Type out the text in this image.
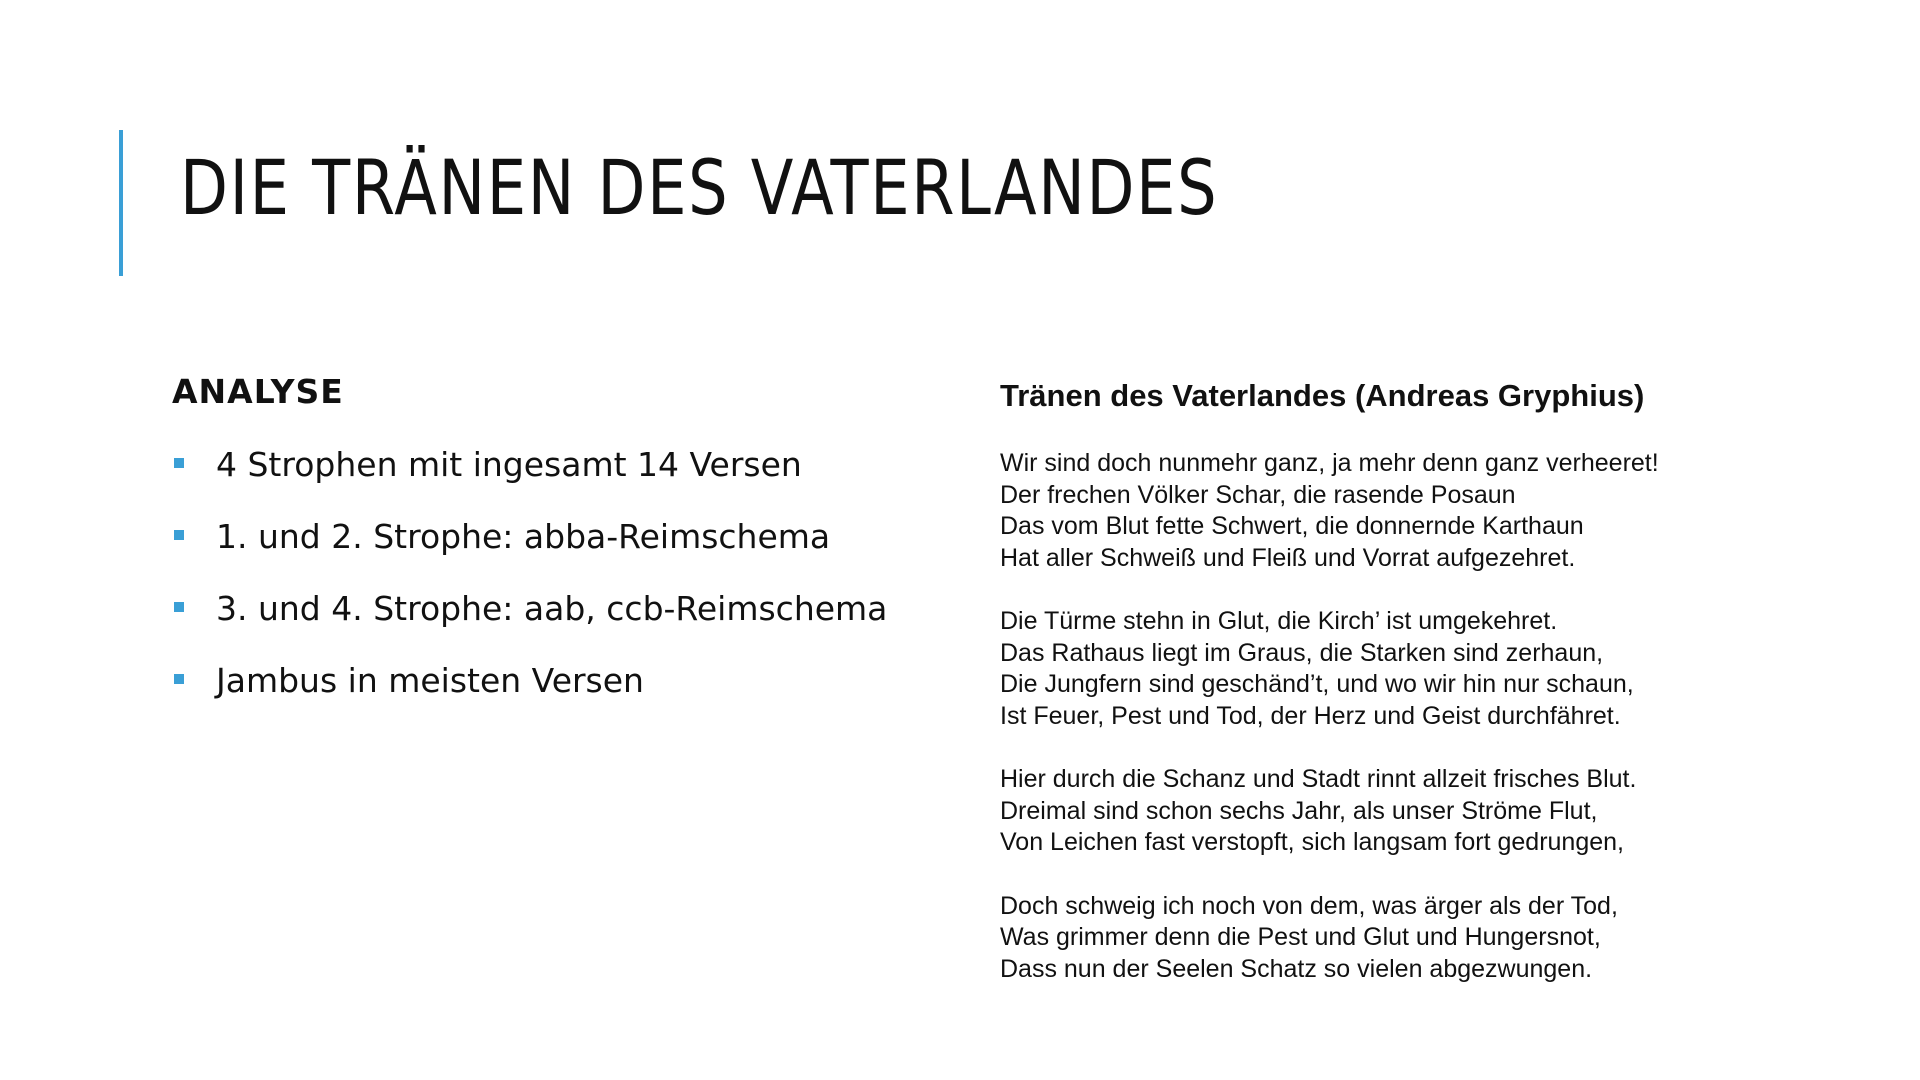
DIE TRÄNEN DES VATERLANDES
ANALYSE
4 Strophen mit ingesamt 14 Versen
1. und 2. Strophe: abba-Reimschema
3. und 4. Strophe: aab, ccb-Reimschema
Jambus in meisten Versen
Tränen des Vaterlandes (Andreas Gryphius)
Wir sind doch nunmehr ganz, ja mehr denn ganz verheeret!
Der frechen Völker Schar, die rasende Posaun
Das vom Blut fette Schwert, die donnernde Karthaun
Hat aller Schweiß und Fleiß und Vorrat aufgezehret.
Die Türme stehn in Glut, die Kirch’ ist umgekehret.
Das Rathaus liegt im Graus, die Starken sind zerhaun,
Die Jungfern sind geschänd’t, und wo wir hin nur schaun,
Ist Feuer, Pest und Tod, der Herz und Geist durchfähret.
Hier durch die Schanz und Stadt rinnt allzeit frisches Blut.
Dreimal sind schon sechs Jahr, als unser Ströme Flut,
Von Leichen fast verstopft, sich langsam fort gedrungen,
Doch schweig ich noch von dem, was ärger als der Tod,
Was grimmer denn die Pest und Glut und Hungersnot,
Dass nun der Seelen Schatz so vielen abgezwungen.
